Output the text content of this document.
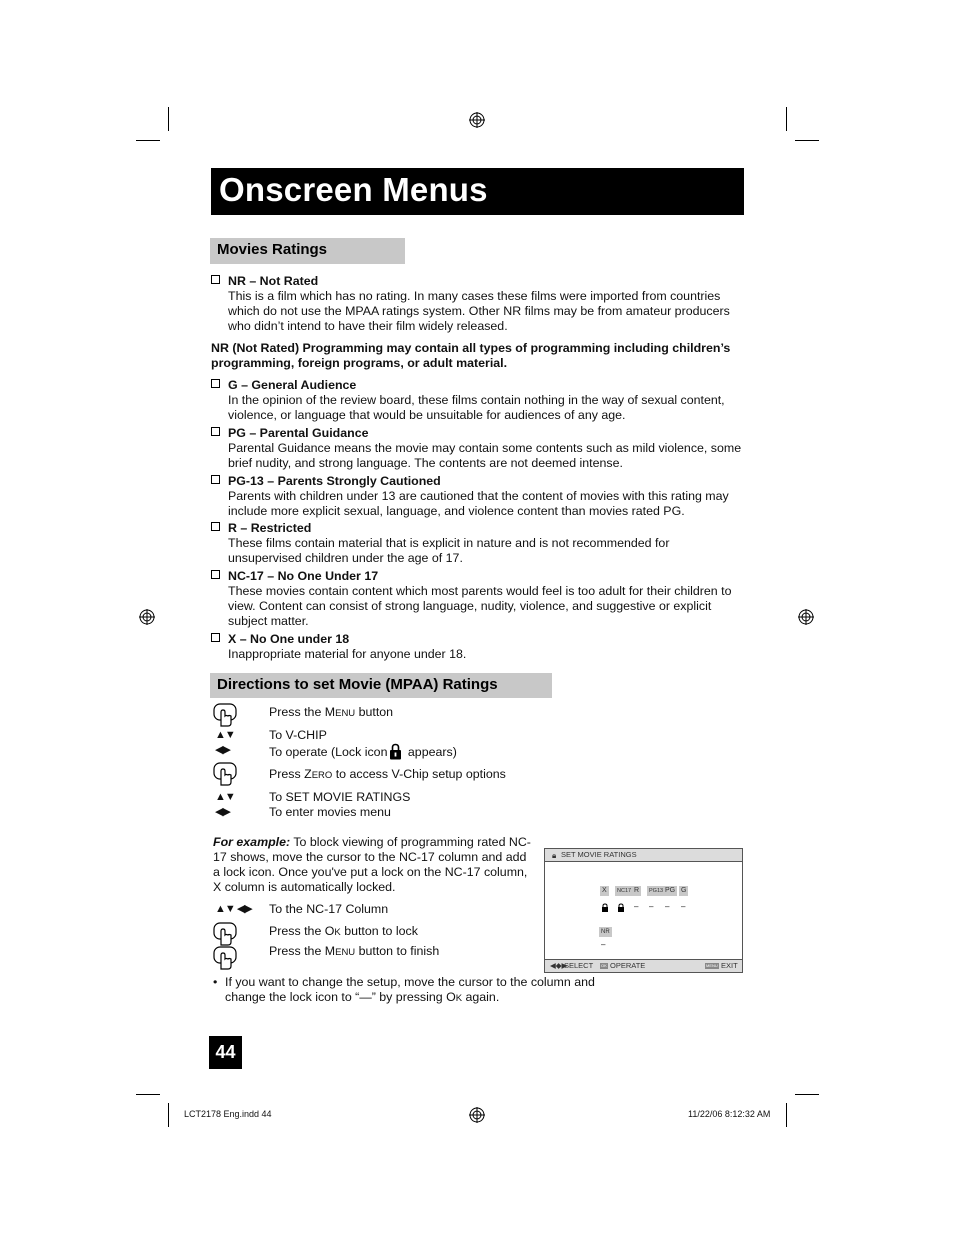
Onscreen Menus
Movies Ratings
NR – Not Rated
This is a film which has no rating. In many cases these films were imported from countries which do not use the MPAA ratings system. Other NR films may be from amateur producers who didn’t intend to have their film widely released.
NR (Not Rated) Programming may contain all types of programming including children’s programming, foreign programs, or adult material.
G – General Audience
In the opinion of the review board, these films contain nothing in the way of sexual content, violence, or language that would be unsuitable for audiences of any age.
PG – Parental Guidance
Parental Guidance means the movie may contain some contents such as mild violence, some brief nudity, and strong language. The contents are not deemed intense.
PG-13 – Parents Strongly Cautioned
Parents with children under 13 are cautioned that the content of movies with this rating may include more explicit sexual, language, and violence content than movies rated PG.
R – Restricted
These films contain material that is explicit in nature and is not recommended for unsupervised children under the age of 17.
NC-17 – No One Under 17
These movies contain content which most parents would feel is too adult for their children to view. Content can consist of strong language, nudity, violence, and suggestive or explicit subject matter.
X – No One under 18
Inappropriate material for anyone under 18.
Directions to set Movie (MPAA) Ratings
Press the MENU button
▲▼	To V-CHIP
◀▶	To operate (Lock icon appears)
Press ZERO to access V-Chip setup options
▲▼	To SET MOVIE RATINGS
◀▶	To enter movies menu
For example: To block viewing of programming rated NC-17 shows, move the cursor to the NC-17 column and add a lock icon. Once you've put a lock on the NC-17 column, X column is automatically locked.
▲▼ ◀▶ To the NC-17 Column
Press the OK button to lock
Press the MENU button to finish
🔒︎ SET MOVIE RATINGS
X	NC17 R	PG13 PG G
– – – –
NR
–
◀◆▶
SELECT OK OPERATE	MENU EXIT
• If you want to change the setup, move the cursor to the column and change the lock icon to “—” by pressing OK again.
44
LCT2178 Eng.indd 44	11/22/06 8:12:32 AM
